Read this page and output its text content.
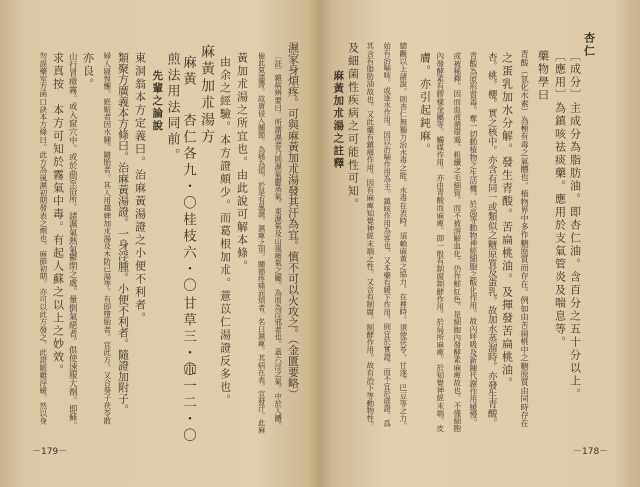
杏仁
〔成分〕主成分為脂肪油。即杏仁油。含百分之五十分以上。
〔應用〕為鎮咳祛痰藥。應用於支氣管炎及喘息等。
藥物學曰
青酸（氫化水素）為極有毒之氣體也。植物界中多作糖原質而存在。例如由苦扁桃中之糖原質由同時存在
之蛋乳加水分解。發生青酸。苦扁桃油。及揮發苦扁桃油。
杏。桃。櫻。實之核中。亦含有同一或類似之糖原質及蛋乳。故加水蒸溜時。亦發生青酸。
青酸為原形質毒。奪一切動植物之生活機。於高等動物神經細胞之酸化作用。故內呼吸及新陳代謝作用緩慢。
或被稀釋。因而血液循環遏。粗纖之毛細管。而不被溶解血化。仍作鮮紅色。是細胞內發酵素麻痺故也。不僅細胞
內發酵素有膠樣金屬等。觸媒作用。亦由青酸而麻痺。即一般有制腐制酵作用。於局所麻痺。於知覺神經末端。皮
膚。亦引起鈍麻。
總觀以上諸說。則杏仁無獨力治水毒之能。水毒在表時。須賴麻黃之協力。在裡時。須使茯苓。甘遂。巴豆等之力。
始有治喘咳。或逐水作用。因以治喘作用為主。鎮咳作用為客也。又本藥有緩下作用。則宜於實證。而不宜於虛證。爲
其含有脂肪油故也。又此藥有鎮痛作用。因有麻痺知覺神經末端之性。又含有制腐。制酵作用。故有治下等動物性。
及細菌性疾病之可能性可知。
麻黃加朮湯之註釋
－178－
濕家身煩疼。可與麻黃加朮湯發其汗為宜。慎不可以火攻之。（金匱要略）
〔註〕雜病辨要曰。所謂濕者乃則濕氣鬱蒸氣。東濕氣及山嵐瘴氣之屬。為而為淫邪者也。蓋六淫之氣。中於人體。
儉此氣濡滯。故唐侵入關節。為痛為煩。於是有風濕。濕痺之別。關節疼痛而煩者。名曰濕痺。其病在表。宜發汗。此麻
黃加朮湯之所宜也。由此說可解本條。
由余之經驗。本方證頗少。而葛根加朮。薏苡仁湯證反多也。
麻黃加朮湯方
麻黃
杏仁各九・〇
桂枝六・〇
甘草三・〇
朮一二・〇
煎法用法同前。
先輩之論說
東洞翁本方定義曰。治麻黃湯證之小便不利者。
類聚方廣義本方條曰。治麻黃湯證。一身浮腫。小便不利者。隨證加附子。
婦人寢惶慚。姙娠者因水腫。隨胎者。其人用越婢加朮湯及木防已湯等。有即墮胎者。宜此方。又合葵子茯苓散
亦良。
山行冒瘴霧。或入窟穴中。或於曲室浴所。諸濕氣熱氣鬱閉之處。暈倒氣絕者。俱使速服大劑。即蘇。
求真按　本方可知於霧氣中毒。有起人蘇之以上之妙效。
勿誤藥室方函口訣本方條曰。此方為風濕初期發表之劑也。麻節初期。亦可以此方發之。此證脈雖浮緩。然以身
－179－
